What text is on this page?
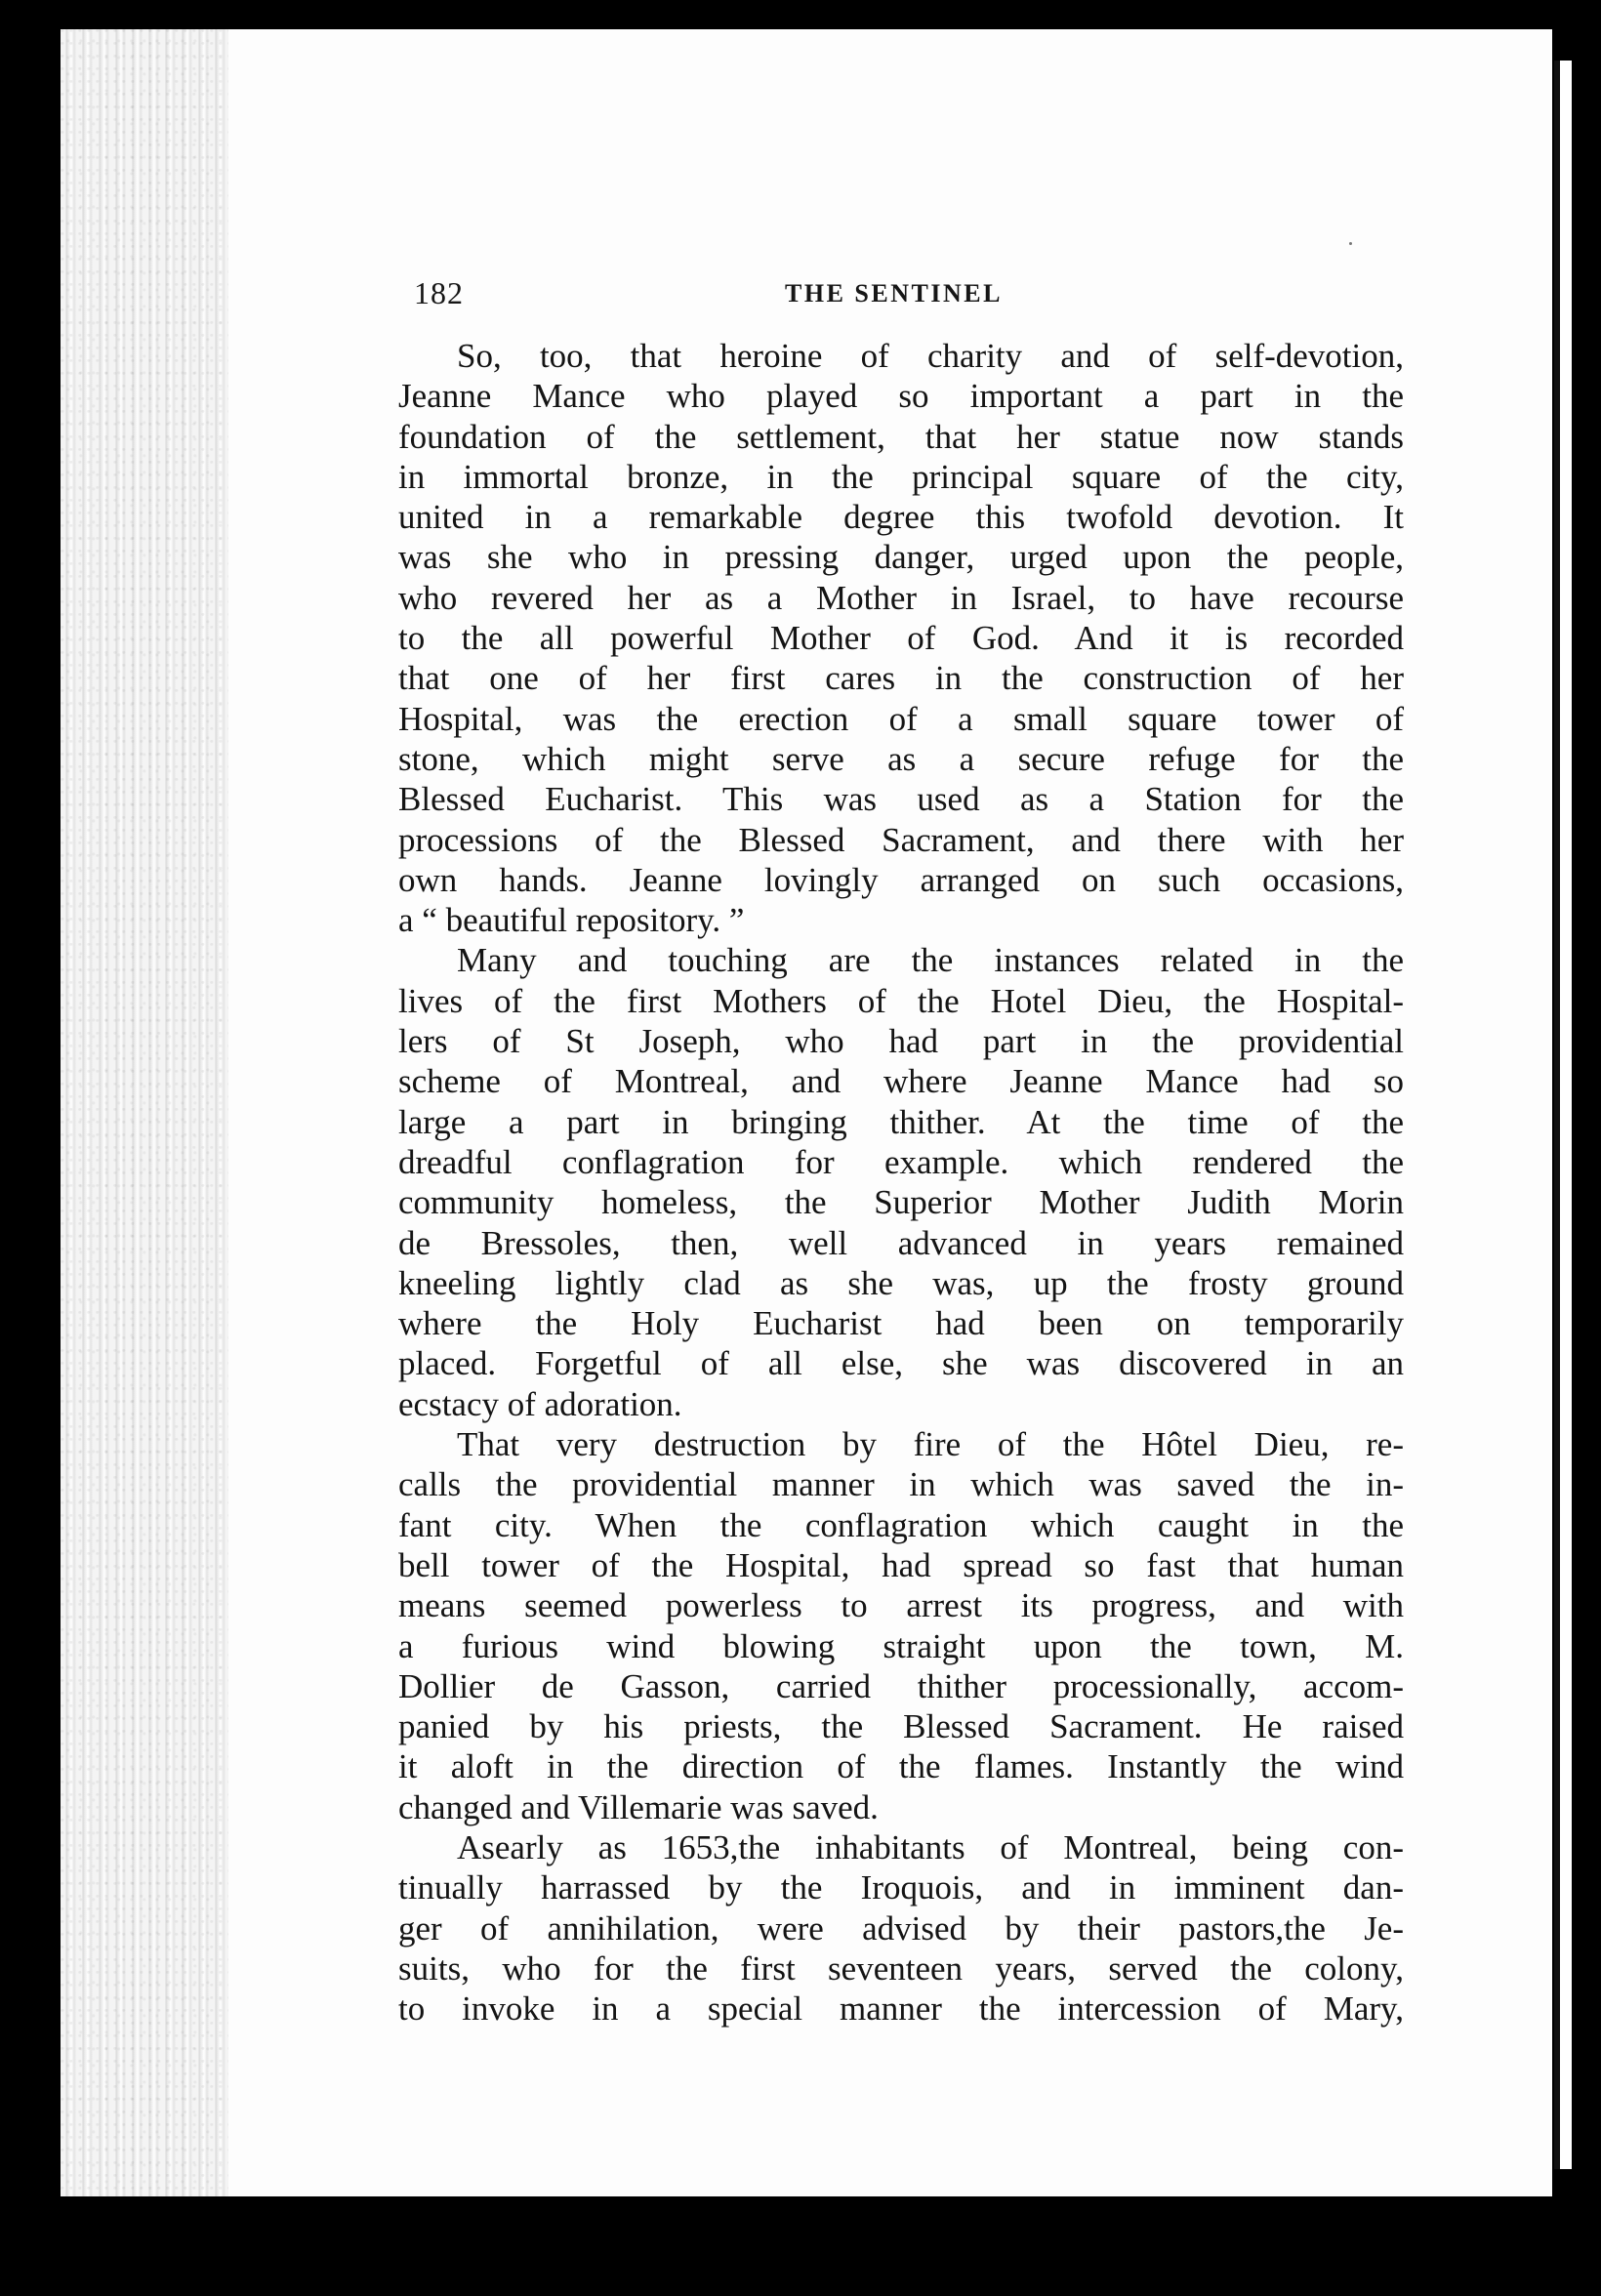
182	THE SENTINEL
So, too, that heroine of charity and of self-devotion,
Jeanne Mance who played so important a part in the
foundation of the settlement, that her statue now stands
in immortal bronze, in the principal square of the city,
united in a remarkable degree this twofold devotion. It
was she who in pressing danger, urged upon the people,
who revered her as a Mother in Israel, to have recourse
to the all powerful Mother of God. And it is recorded
that one of her first cares in the construction of her
Hospital, was the erection of a small square tower of
stone, which might serve as a secure refuge for the
Blessed Eucharist. This was used as a Station for the
processions of the Blessed Sacrament, and there with her
own hands. Jeanne lovingly arranged on such occasions,
a “ beautiful repository. ”
Many and touching are the instances related in the
lives of the first Mothers of the Hotel Dieu, the Hospital-
lers of St Joseph, who had part in the providential
scheme of Montreal, and where Jeanne Mance had so
large a part in bringing thither. At the time of the
dreadful conflagration for example. which rendered the
community homeless, the Superior Mother Judith Morin
de Bressoles, then, well advanced in years remained
kneeling lightly clad as she was, up the frosty ground
where the Holy Eucharist had been on temporarily
placed. Forgetful of all else, she was discovered in an
ecstacy of adoration.
That very destruction by fire of the Hôtel Dieu, re-
calls the providential manner in which was saved the in-
fant city. When the conflagration which caught in the
bell tower of the Hospital, had spread so fast that human
means seemed powerless to arrest its progress, and with
a furious wind blowing straight upon the town, M.
Dollier de Gasson, carried thither processionally, accom-
panied by his priests, the Blessed Sacrament. He raised
it aloft in the direction of the flames. Instantly the wind
changed and Villemarie was saved.
Asearly as 1653,the inhabitants of Montreal, being con-
tinually harrassed by the Iroquois, and in imminent dan-
ger of annihilation, were advised by their pastors,the Je-
suits, who for the first seventeen years, served the colony,
to invoke in a special manner the intercession of Mary,
